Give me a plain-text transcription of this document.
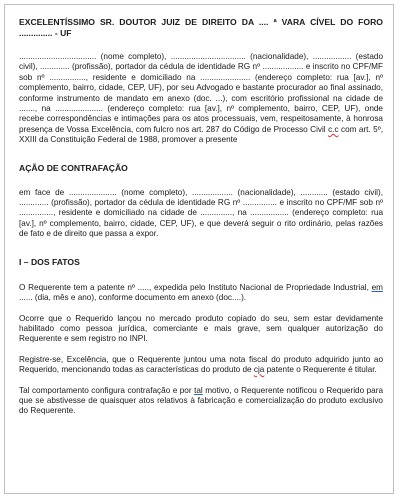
EXCELENTÍSSIMO SR. DOUTOR JUIZ DE DIREITO DA .... ª VARA CÍVEL DO FORO .............. - UF

.................................. (nome completo), ................................. (nacionalidade), ................. (estado civil), ............. (profissão), portador da cédula de identidade RG nº .................. e inscrito no CPF/MF sob nº ................, residente e domiciliado na ...................... (endereço completo: rua [av.], nº complemento, bairro, cidade, CEP, UF), por seu Advogado e bastante procurador ao final assinado, conforme instrumento de mandato em anexo (doc. ...), com escritório profissional na cidade de ......., na ..................... (endereço completo: rua [av.], nº complemento, bairro, CEP, UF), onde recebe correspondências e intimações para os atos processuais, vem, respeitosamente, à honrosa presença de Vossa Excelência, com fulcro nos art. 287 do Código de Processo Civil c.c com art. 5º, XXIII da Constituição Federal de 1988, promover a presente

AÇÃO DE CONTRAFAÇÃO

em face de ..................... (nome completo), .................. (nacionalidade), ............ (estado civil), ............. (profissão), portador da cédula de identidade RG nº ............... e inscrito no CPF/MF sob nº ..............., residente e domiciliado na cidade de .............., na ................. (endereço completo: rua [av.], nº complemento, bairro, cidade, CEP, UF), e que deverá seguir o rito ordinário, pelas razões de fato e de direito que passa a expor.

I – DOS FATOS

O Requerente tem a patente nº ....., expedida pelo Instituto Nacional de Propriedade Industrial, em ...... (dia, mês e ano), conforme documento em anexo (doc....).

Ocorre que o Requerido lançou no mercado produto copiado do seu, sem estar devidamente habilitado como pessoa jurídica, comerciante e mais grave, sem qualquer autorização do Requerente e sem registro no INPI.

Registre-se, Excelência, que o Requerente juntou uma nota fiscal do produto adquirido junto ao Requerido, mencionando todas as características do produto de cja patente o Requerente é titular.

Tal comportamento configura contrafação e por tal motivo, o Requerente notificou o Requerido para que se abstivesse de quaisquer atos relativos à fabricação e comercialização do produto exclusivo do Requerente.
